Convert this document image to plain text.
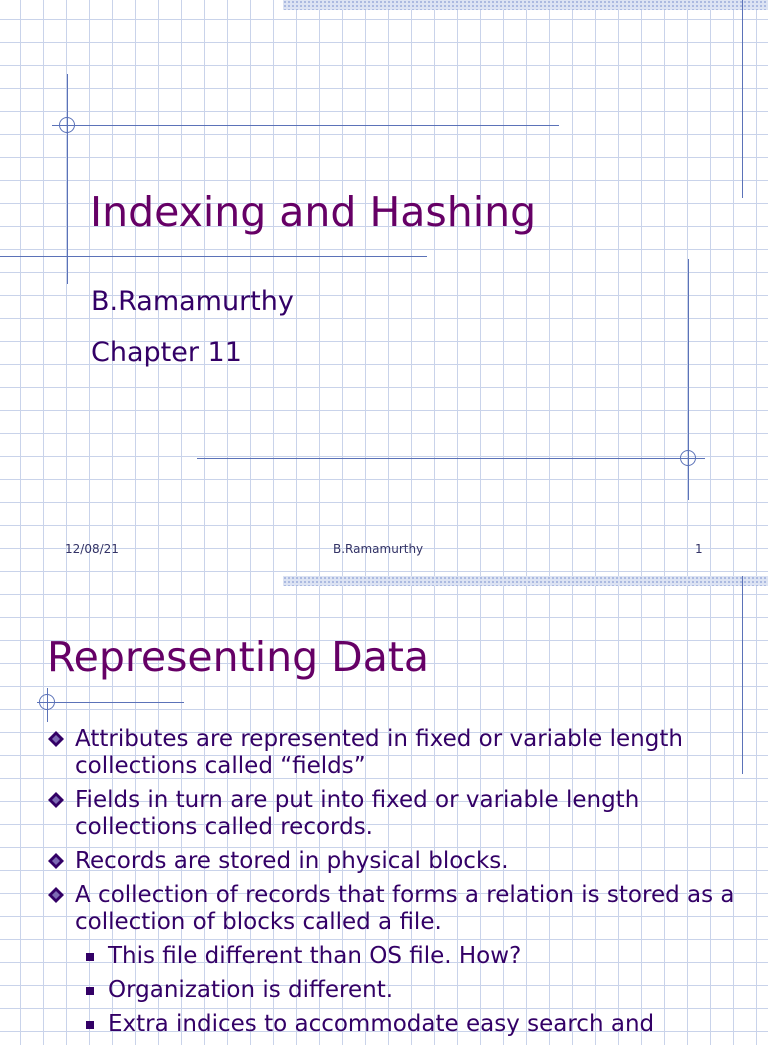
Indexing and Hashing
B.Ramamurthy
Chapter 11
12/08/21	B.Ramamurthy	1
Representing Data
Attributes are represented in fixed or variable length collections called “fields”
Fields in turn are put into fixed or variable length collections called records.
Records are stored in physical blocks.
A collection of records that forms a relation is stored as a collection of blocks called a file.
This file different than OS file. How?
Organization is different.
Extra indices to accommodate easy search and
